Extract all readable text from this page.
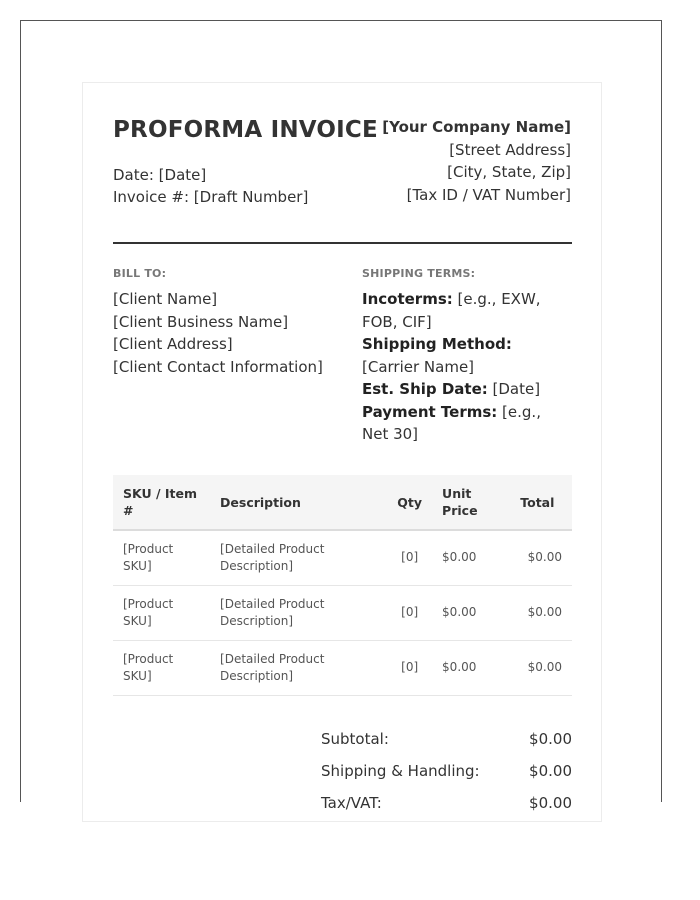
PROFORMA INVOICE
Date: [Date]
Invoice #: [Draft Number]
[Your Company Name]
[Street Address]
[City, State, Zip]
[Tax ID / VAT Number]
BILL TO:
[Client Name]
[Client Business Name]
[Client Address]
[Client Contact Information]
SHIPPING TERMS:
Incoterms: [e.g., EXW, FOB, CIF]
Shipping Method: [Carrier Name]
Est. Ship Date: [Date]
Payment Terms: [e.g., Net 30]
SKU / Item #	Description	Qty	Unit Price	Total
[Product SKU]	[Detailed Product Description]	[0]	$0.00	$0.00
[Product SKU]	[Detailed Product Description]	[0]	$0.00	$0.00
[Product SKU]	[Detailed Product Description]	[0]	$0.00	$0.00
Subtotal:	$0.00
Shipping & Handling:	$0.00
Tax/VAT:	$0.00
